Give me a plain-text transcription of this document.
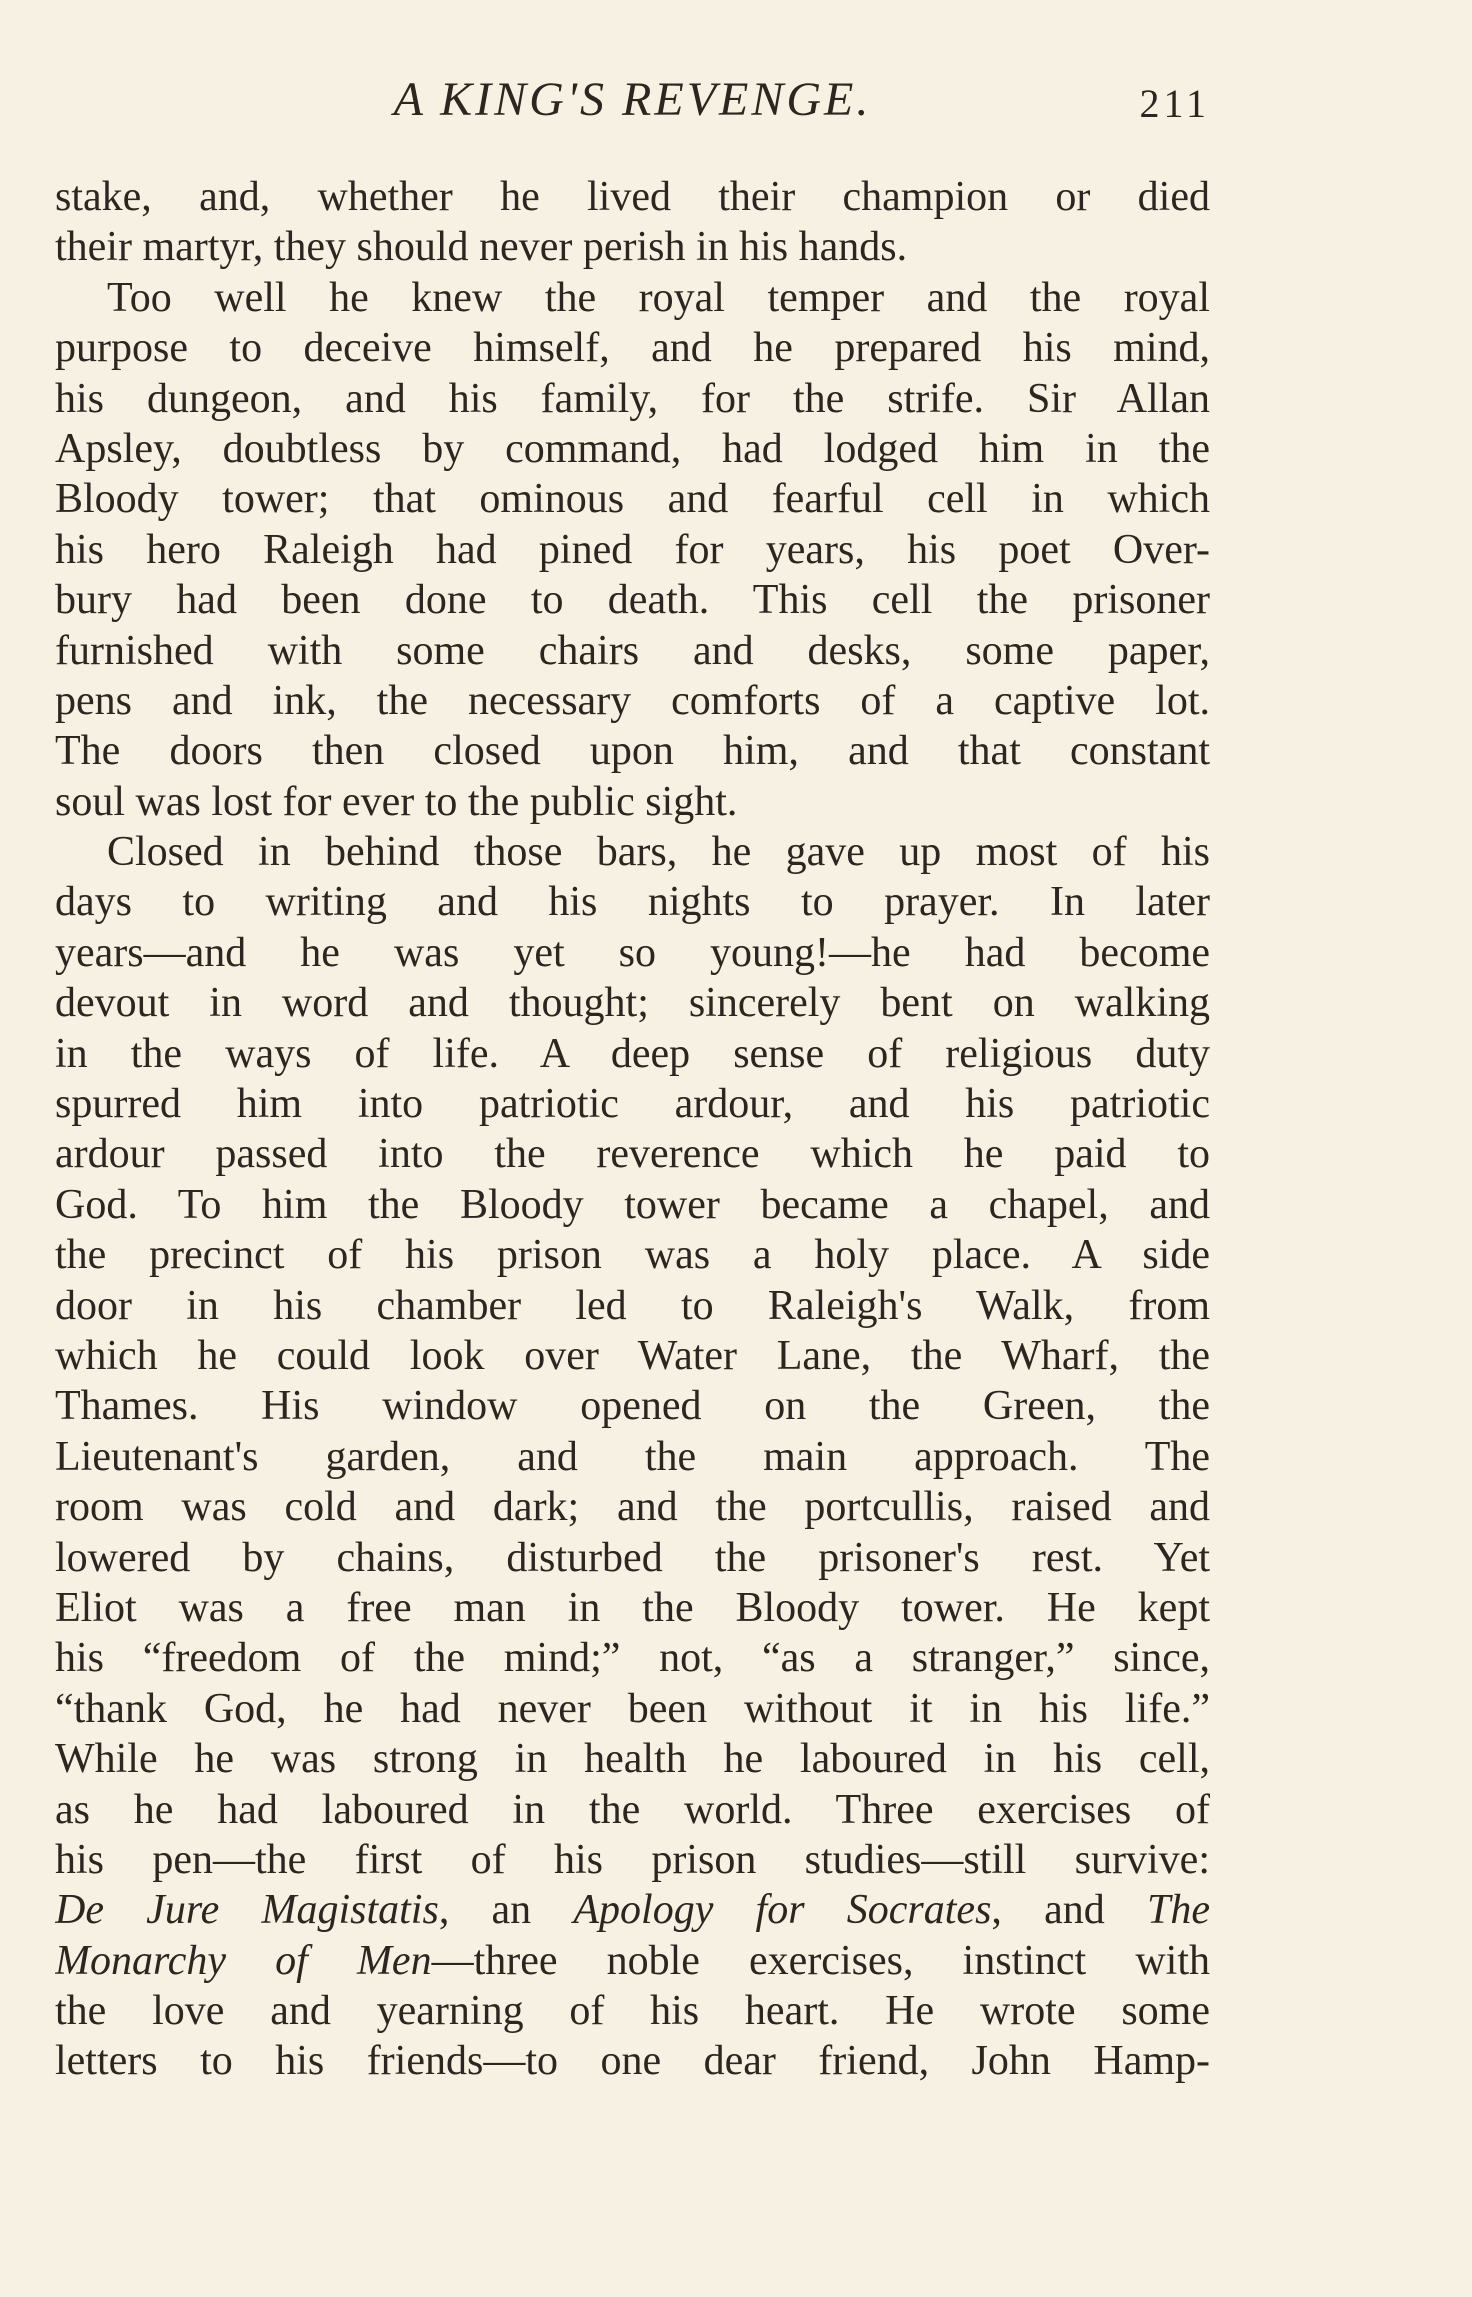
A KING'S REVENGE.	211
stake, and, whether he lived their champion or died
their martyr, they should never perish in his hands.
Too well he knew the royal temper and the royal
purpose to deceive himself, and he prepared his mind,
his dungeon, and his family, for the strife. Sir Allan
Apsley, doubtless by command, had lodged him in the
Bloody tower; that ominous and fearful cell in which
his hero Raleigh had pined for years, his poet Over-
bury had been done to death. This cell the prisoner
furnished with some chairs and desks, some paper,
pens and ink, the necessary comforts of a captive lot.
The doors then closed upon him, and that constant
soul was lost for ever to the public sight.
Closed in behind those bars, he gave up most of his
days to writing and his nights to prayer. In later
years—and he was yet so young!—he had become
devout in word and thought; sincerely bent on walking
in the ways of life. A deep sense of religious duty
spurred him into patriotic ardour, and his patriotic
ardour passed into the reverence which he paid to
God. To him the Bloody tower became a chapel, and
the precinct of his prison was a holy place. A side
door in his chamber led to Raleigh's Walk, from
which he could look over Water Lane, the Wharf, the
Thames. His window opened on the Green, the
Lieutenant's garden, and the main approach. The
room was cold and dark; and the portcullis, raised and
lowered by chains, disturbed the prisoner's rest. Yet
Eliot was a free man in the Bloody tower. He kept
his “freedom of the mind;” not, “as a stranger,” since,
“thank God, he had never been without it in his life.”
While he was strong in health he laboured in his cell,
as he had laboured in the world. Three exercises of
his pen—the first of his prison studies—still survive:
De Jure Magistatis, an Apology for Socrates, and The
Monarchy of Men—three noble exercises, instinct with
the love and yearning of his heart. He wrote some
letters to his friends—to one dear friend, John Hamp-
